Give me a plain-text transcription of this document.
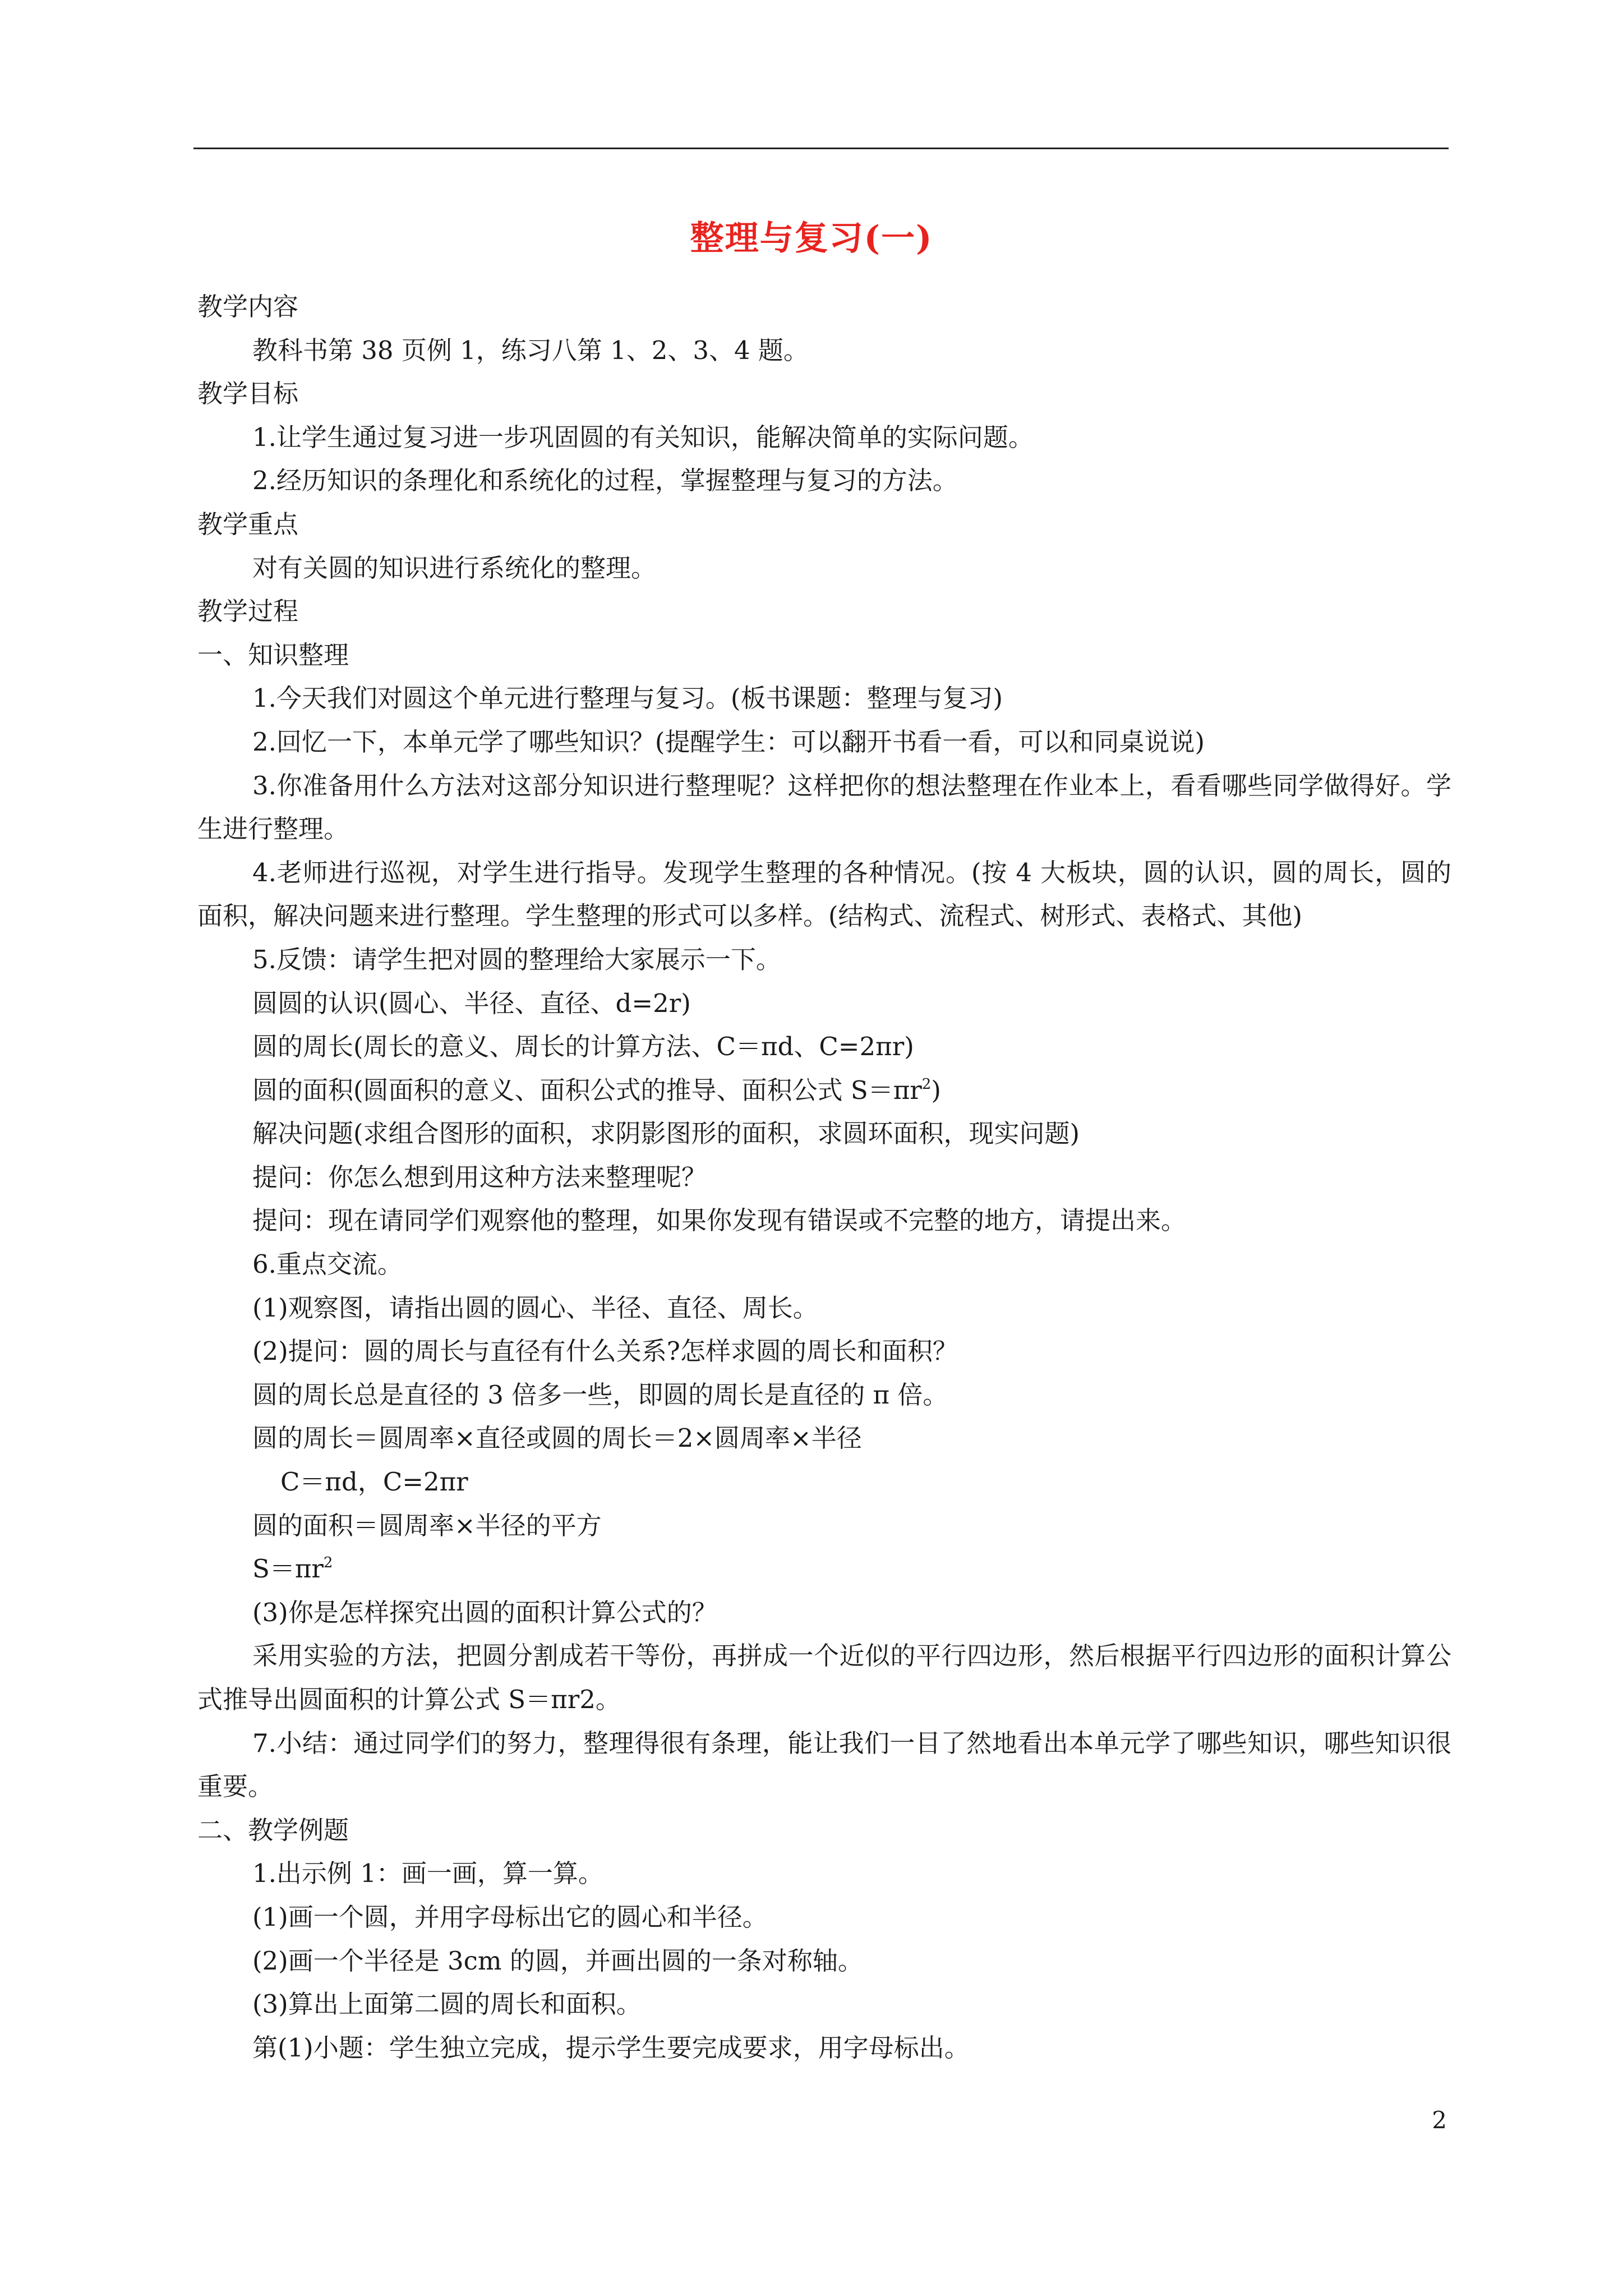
整理与复习(一)
教学内容
教科书第 38 页例 1，练习八第 1、2、3、4 题。
教学目标
1.让学生通过复习进一步巩固圆的有关知识，能解决简单的实际问题。
2.经历知识的条理化和系统化的过程，掌握整理与复习的方法。
教学重点
对有关圆的知识进行系统化的整理。
教学过程
一、知识整理
1.今天我们对圆这个单元进行整理与复习。(板书课题：整理与复习)
2.回忆一下，本单元学了哪些知识？(提醒学生：可以翻开书看一看，可以和同桌说说)
3.你准备用什么方法对这部分知识进行整理呢？这样把你的想法整理在作业本上，看看哪些同学做得好。学生进行整理。
4.老师进行巡视，对学生进行指导。发现学生整理的各种情况。(按 4 大板块，圆的认识，圆的周长，圆的面积，解决问题来进行整理。学生整理的形式可以多样。(结构式、流程式、树形式、表格式、其他)
5.反馈：请学生把对圆的整理给大家展示一下。
圆圆的认识(圆心、半径、直径、d=2r)
圆的周长(周长的意义、周长的计算方法、C＝πd、C=2πr)
圆的面积(圆面积的意义、面积公式的推导、面积公式 $S=\pi r^2$)
解决问题(求组合图形的面积，求阴影图形的面积，求圆环面积，现实问题)
提问：你怎么想到用这种方法来整理呢？
提问：现在请同学们观察他的整理，如果你发现有错误或不完整的地方，请提出来。
6.重点交流。
(1)观察图，请指出圆的圆心、半径、直径、周长。
(2)提问：圆的周长与直径有什么关系?怎样求圆的周长和面积？
圆的周长总是直径的 3 倍多一些，即圆的周长是直径的 π 倍。
圆的周长＝圆周率×直径或圆的周长＝2×圆周率×半径
C＝πd，C=2πr
圆的面积＝圆周率×半径的平方
$S=\pi r^2$
(3)你是怎样探究出圆的面积计算公式的？
采用实验的方法，把圆分割成若干等份，再拼成一个近似的平行四边形，然后根据平行四边形的面积计算公式推导出圆面积的计算公式 S＝πr2。
7.小结：通过同学们的努力，整理得很有条理，能让我们一目了然地看出本单元学了哪些知识，哪些知识很重要。
二、教学例题
1.出示例 1：画一画，算一算。
(1)画一个圆，并用字母标出它的圆心和半径。
(2)画一个半径是 3cm 的圆，并画出圆的一条对称轴。
(3)算出上面第二圆的周长和面积。
第(1)小题：学生独立完成，提示学生要完成要求，用字母标出。
2
